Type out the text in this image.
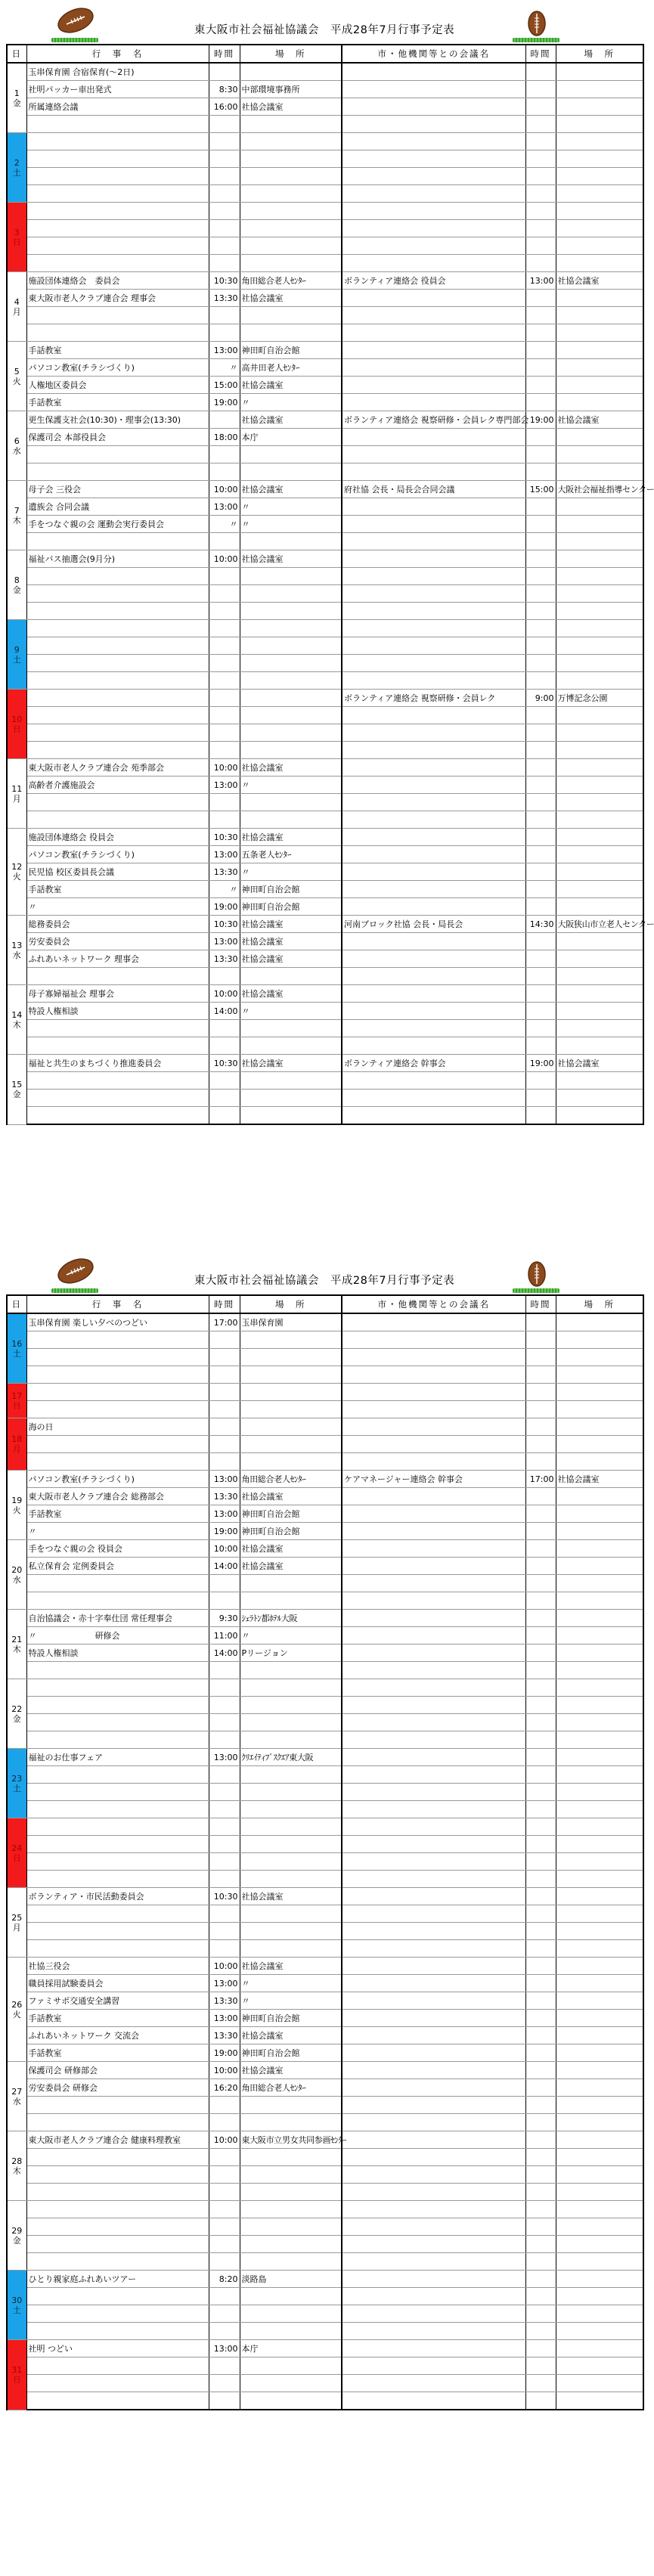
東大阪市社会福祉協議会　平成28年7月行事予定表
日	行　事　名	時間	場　所	市・他機関等との会議名	時間	場　所
1
金	玉串保育園 合宿保育(～2日)					
	社明パッカー車出発式	8:30	中部環境事務所			
	所属連絡会議	16:00	社協会議室			

2
土						

3
日						

4
月	施設団体連絡会　委員会	10:30	角田総合老人ｾﾝﾀｰ	ボランティア連絡会 役員会	13:00	社協会議室
	東大阪市老人クラブ連合会 理事会	13:30	社協会議室			

5
火	手話教室	13:00	神田町自治会館			
	パソコン教室(チラシづくり)	〃	高井田老人ｾﾝﾀｰ			
	人権地区委員会	15:00	社協会議室			
	手話教室	19:00	〃			
6
水	更生保護支社会(10:30)・理事会(13:30)		社協会議室	ボランティア連絡会 視察研修・会員レク専門部会	19:00	社協会議室
	保護司会 本部役員会	18:00	本庁			

7
木	母子会 三役会	10:00	社協会議室	府社協 会長・局長会合同会議	15:00	大阪社会福祉指導センター
	遺族会 合同会議	13:00	〃			
	手をつなぐ親の会 運動会実行委員会	〃	〃			

8
金	福祉バス抽選会(9月分)	10:00	社協会議室			

9
土						

10
日				ボランティア連絡会 視察研修・会員レク	9:00	万博記念公園

11
月	東大阪市老人クラブ連合会 苑季部会	10:00	社協会議室			
	高齢者介護施設会	13:00	〃			

12
火	施設団体連絡会 役員会	10:30	社協会議室			
	パソコン教室(チラシづくり)	13:00	五条老人ｾﾝﾀｰ			
	民児協 校区委員長会議	13:30	〃			
	手話教室	〃	神田町自治会館			
	〃	19:00	神田町自治会館			
13
水	総務委員会	10:30	社協会議室	河南ブロック社協 会長・局長会	14:30	大阪狭山市立老人センター
	労安委員会	13:00	社協会議室			
	ふれあいネットワーク 理事会	13:30	社協会議室			

14
木	母子寡婦福祉会 理事会	10:00	社協会議室			
	特設人権相談	14:00	〃			

15
金	福祉と共生のまちづくり推進委員会	10:30	社協会議室	ボランティア連絡会 幹事会	19:00	社協会議室

東大阪市社会福祉協議会　平成28年7月行事予定表
日	行　事　名	時間	場　所	市・他機関等との会議名	時間	場　所
16
土	玉串保育園 楽しい夕べのつどい	17:00	玉串保育園			

17
日						

18
月	海の日					

19
火	パソコン教室(チラシづくり)	13:00	角田総合老人ｾﾝﾀｰ	ケアマネージャー連絡会 幹事会	17:00	社協会議室
	東大阪市老人クラブ連合会 総務部会	13:30	社協会議室			
	手話教室	13:00	神田町自治会館			
	〃	19:00	神田町自治会館			
20
水	手をつなぐ親の会 役員会	10:00	社協会議室			
	私立保育会 定例委員会	14:00	社協会議室			

21
木	自治協議会・赤十字奉仕団 常任理事会	9:30	ｼｪﾗﾄﾝ都ﾎﾃﾙ大阪			
	〃　　　　　　　研修会	11:00	〃			
	特設人権相談	14:00	Pリージョン			

22
金						

23
土	福祉のお仕事フェア	13:00	ｸﾘｴｲﾃｨﾌﾞｽｸｴｱ東大阪			

24
日						

25
月	ボランティア・市民活動委員会	10:30	社協会議室			

26
火	社協三役会	10:00	社協会議室			
	職員採用試験委員会	13:00	〃			
	ファミサポ交通安全講習	13:30	〃			
	手話教室	13:00	神田町自治会館			
	ふれあいネットワーク 交流会	13:30	社協会議室			
	手話教室	19:00	神田町自治会館			
27
水	保護司会 研修部会	10:00	社協会議室			
	労安委員会 研修会	16:20	角田総合老人ｾﾝﾀｰ			

28
木	東大阪市老人クラブ連合会 健康料理教室	10:00	東大阪市立男女共同参画ｾﾝﾀｰ			

29
金						

30
土	ひとり親家庭ふれあいツアー	8:20	淡路島			

31
日	社明 つどい	13:00	本庁			
